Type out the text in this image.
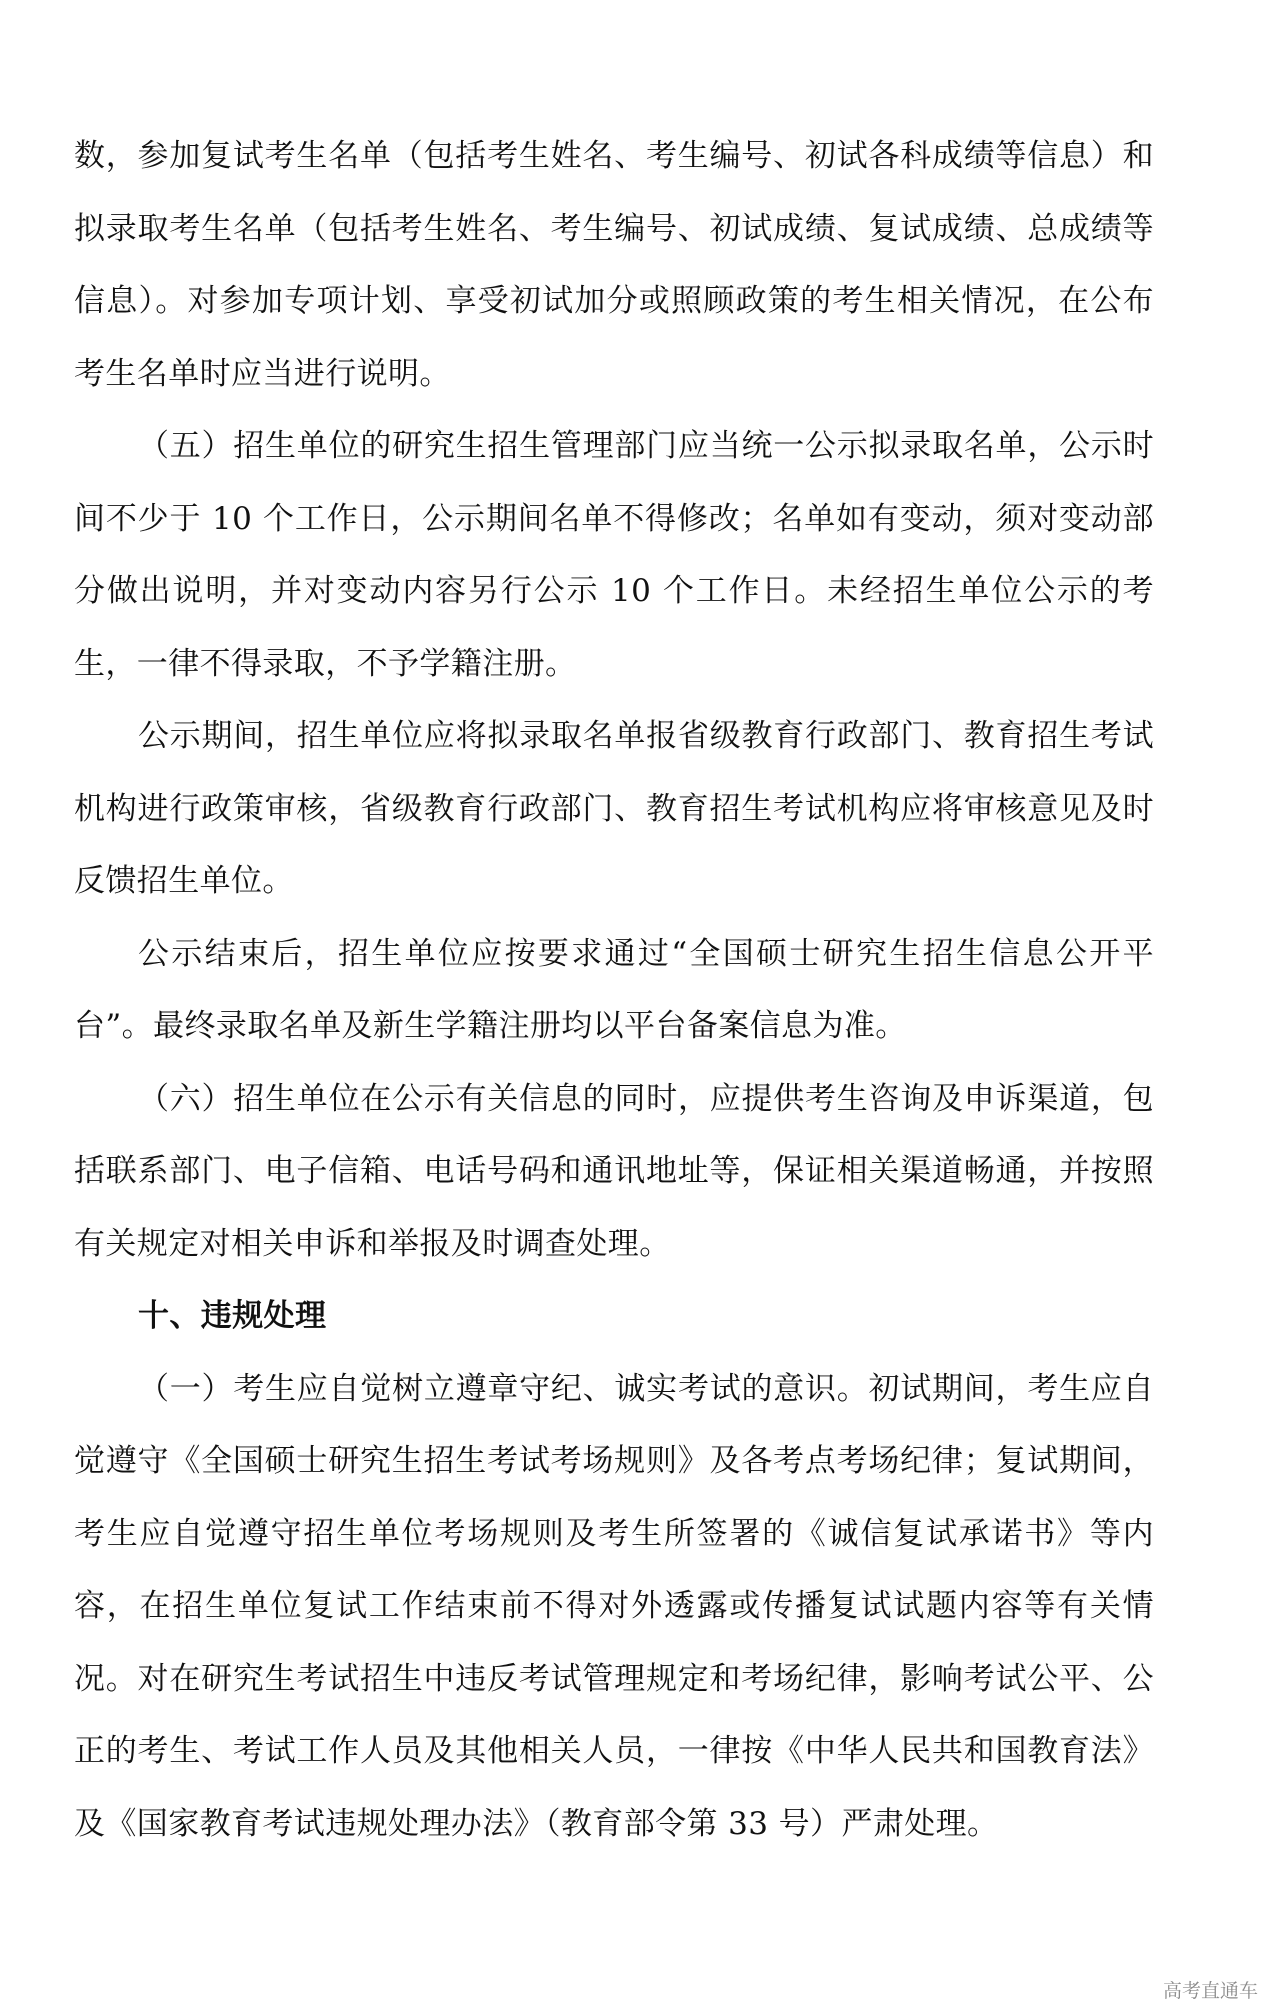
数，参加复试考生名单（包括考生姓名、考生编号、初试各科成绩等信息）和拟录取考生名单（包括考生姓名、考生编号、初试成绩、复试成绩、总成绩等信息）。对参加专项计划、享受初试加分或照顾政策的考生相关情况，在公布考生名单时应当进行说明。

（五）招生单位的研究生招生管理部门应当统一公示拟录取名单，公示时间不少于 10 个工作日，公示期间名单不得修改；名单如有变动，须对变动部分做出说明，并对变动内容另行公示 10 个工作日。未经招生单位公示的考生，一律不得录取，不予学籍注册。

公示期间，招生单位应将拟录取名单报省级教育行政部门、教育招生考试机构进行政策审核，省级教育行政部门、教育招生考试机构应将审核意见及时反馈招生单位。

公示结束后，招生单位应按要求通过“全国硕士研究生招生信息公开平台”。最终录取名单及新生学籍注册均以平台备案信息为准。

（六）招生单位在公示有关信息的同时，应提供考生咨询及申诉渠道，包括联系部门、电子信箱、电话号码和通讯地址等，保证相关渠道畅通，并按照有关规定对相关申诉和举报及时调查处理。

十、违规处理

（一）考生应自觉树立遵章守纪、诚实考试的意识。初试期间，考生应自觉遵守《全国硕士研究生招生考试考场规则》及各考点考场纪律；复试期间，考生应自觉遵守招生单位考场规则及考生所签署的《诚信复试承诺书》等内容，在招生单位复试工作结束前不得对外透露或传播复试试题内容等有关情况。对在研究生考试招生中违反考试管理规定和考场纪律，影响考试公平、公正的考生、考试工作人员及其他相关人员，一律按《中华人民共和国教育法》及《国家教育考试违规处理办法》（教育部令第 33 号）严肃处理。

高考直通车
